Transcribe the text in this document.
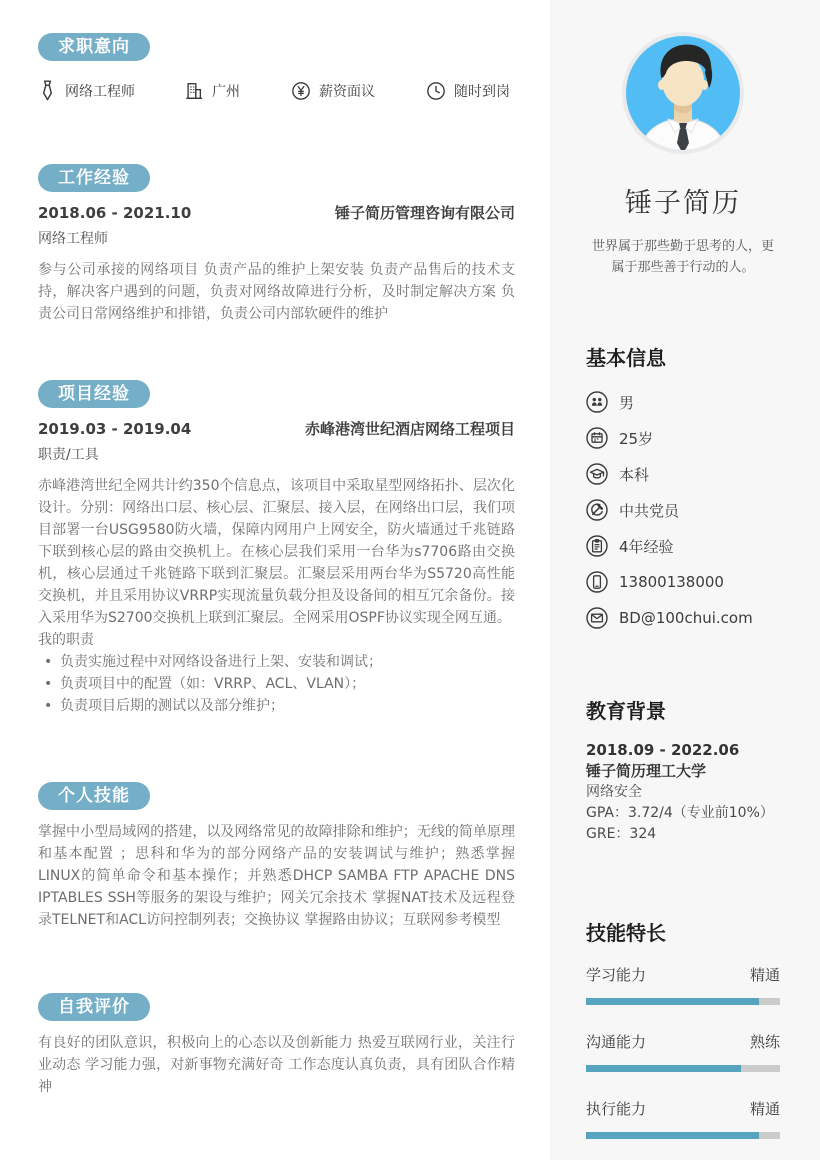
求职意向
网络工程师	广州	薪资面议	随时到岗
工作经验
2018.06 - 2021.10	锤子简历管理咨询有限公司
网络工程师
参与公司承接的网络项目 负责产品的维护上架安装 负责产品售后的技术支持，解决客户遇到的问题，负责对网络故障进行分析，及时制定解决方案 负责公司日常网络维护和排错，负责公司内部软硬件的维护
项目经验
2019.03 - 2019.04	赤峰港湾世纪酒店网络工程项目
职责/工具
赤峰港湾世纪全网共计约350个信息点，该项目中采取星型网络拓扑、层次化设计。分别：网络出口层、核心层、汇聚层、接入层，在网络出口层，我们项目部署一台USG9580防火墙，保障内网用户上网安全，防火墙通过千兆链路下联到核心层的路由交换机上。在核心层我们采用一台华为s7706路由交换机，核心层通过千兆链路下联到汇聚层。汇聚层采用两台华为S5720高性能交换机，并且采用协议VRRP实现流量负载分担及设备间的相互冗余备份。接入采用华为S2700交换机上联到汇聚层。全网采用OSPF协议实现全网互通。
我的职责
• 负责实施过程中对网络设备进行上架、安装和调试；
• 负责项目中的配置（如：VRRP、ACL、VLAN）；
• 负责项目后期的测试以及部分维护；
个人技能
掌握中小型局域网的搭建，以及网络常见的故障排除和维护；无线的简单原理和基本配置 ；思科和华为的部分网络产品的安装调试与维护；熟悉掌握LINUX的简单命令和基本操作；并熟悉DHCP SAMBA FTP APACHE DNS IPTABLES SSH等服务的架设与维护；网关冗余技术 掌握NAT技术及远程登录TELNET和ACL访问控制列表；交换协议 掌握路由协议；互联网参考模型
自我评价
有良好的团队意识，积极向上的心态以及创新能力 热爱互联网行业，关注行业动态 学习能力强，对新事物充满好奇 工作态度认真负责，具有团队合作精神
锤子简历
世界属于那些勤于思考的人，更属于那些善于行动的人。
基本信息
男
25岁
本科
中共党员
4年经验
13800138000
BD@100chui.com
教育背景
2018.09 - 2022.06
锤子简历理工大学
网络安全
GPA：3.72/4（专业前10%）
GRE：324
技能特长
学习能力	精通
沟通能力	熟练
执行能力	精通
